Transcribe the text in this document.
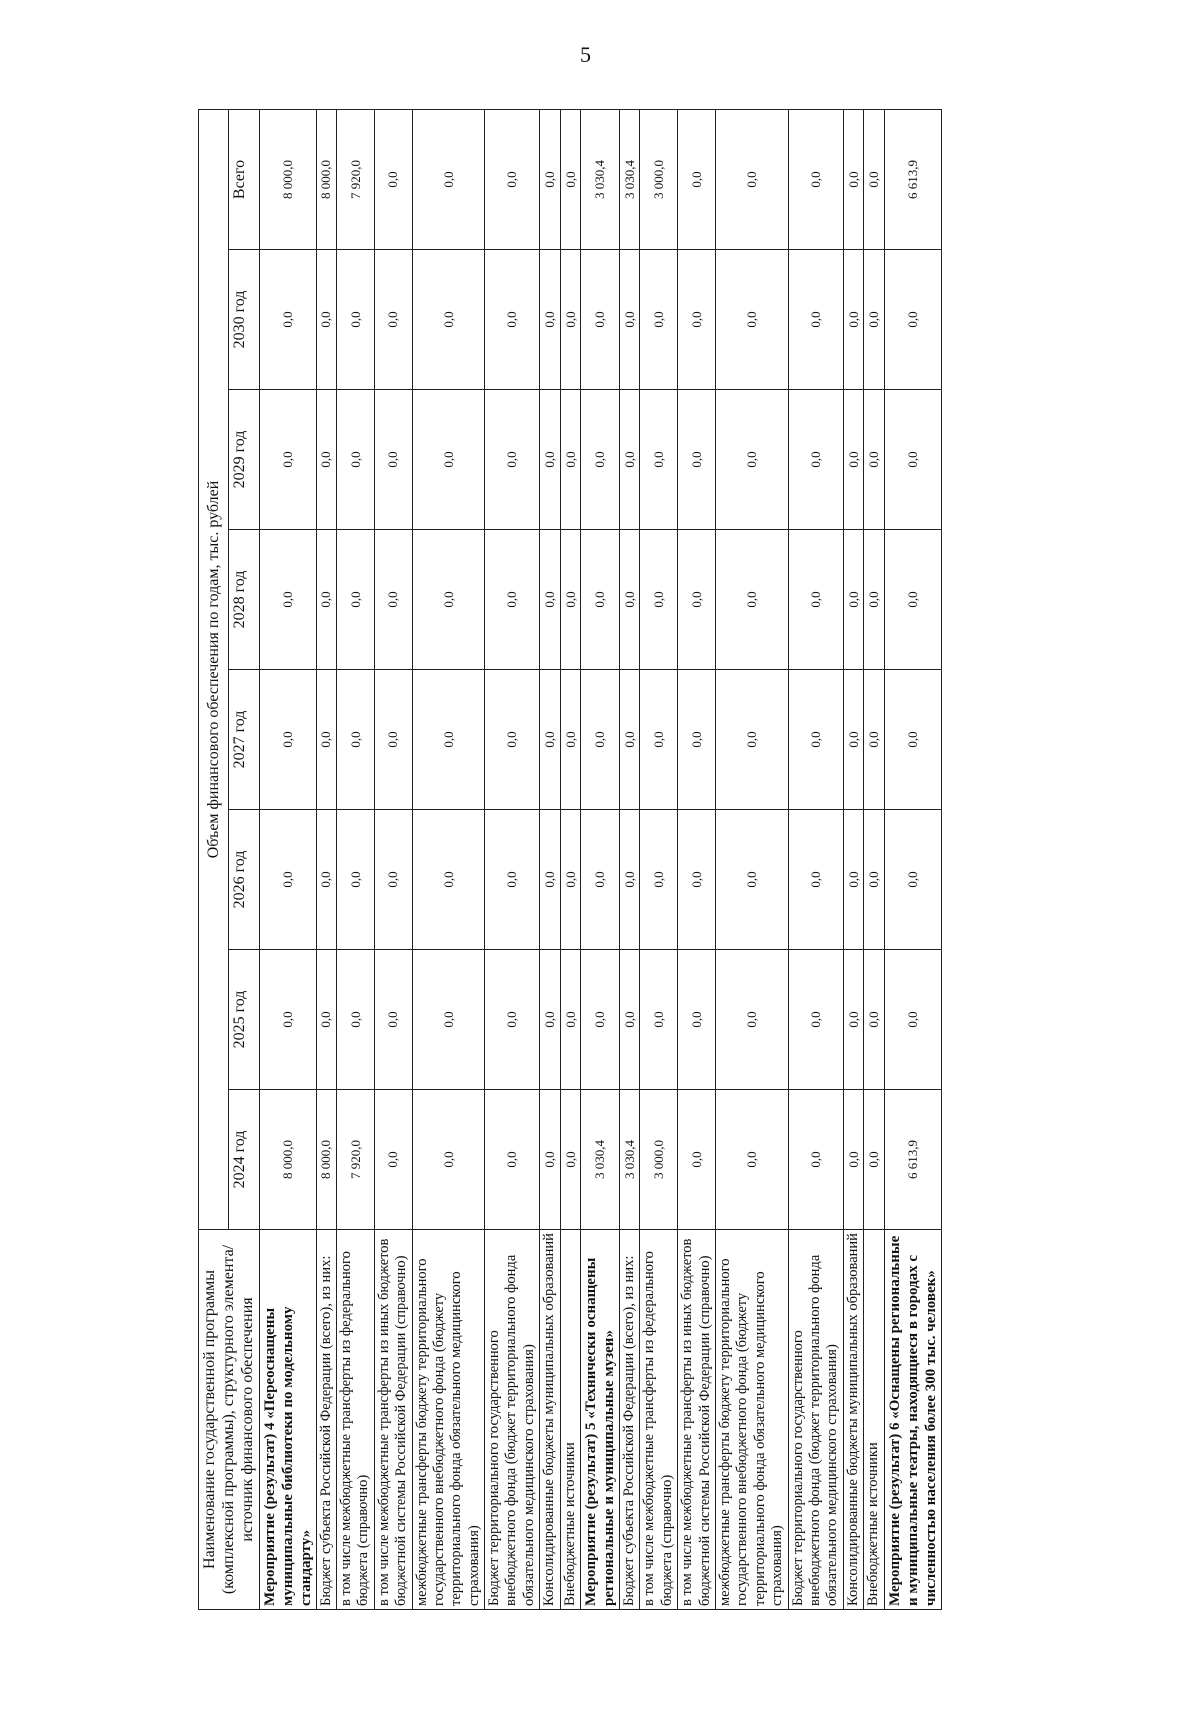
5
Наименование государственной программы (комплексной программы), структурного элемента/источник финансового обеспечения	Объем финансового обеспечения по годам, тыс. рублей							
	2024 год	2025 год	2026 год	2027 год	2028 год	2029 год	2030 год	Всего
Мероприятие (результат) 4 «Переоснащены муниципальные библиотеки по модельному стандарту»	8 000,0	0,0	0,0	0,0	0,0	0,0	0,0	8 000,0
Бюджет субъекта Российской Федерации (всего), из них:	8 000,0	0,0	0,0	0,0	0,0	0,0	0,0	8 000,0
в том числе межбюджетные трансферты из федерального бюджета (справочно)	7 920,0	0,0	0,0	0,0	0,0	0,0	0,0	7 920,0
в том числе межбюджетные трансферты из иных бюджетов бюджетной системы Российской Федерации (справочно)	0,0	0,0	0,0	0,0	0,0	0,0	0,0	0,0
межбюджетные трансферты бюджету территориального государственного внебюджетного фонда (бюджету территориального фонда обязательного медицинского страхования)	0,0	0,0	0,0	0,0	0,0	0,0	0,0	0,0
Бюджет территориального государственного внебюджетного фонда (бюджет территориального фонда обязательного медицинского страхования)	0,0	0,0	0,0	0,0	0,0	0,0	0,0	0,0
Консолидированные бюджеты муниципальных образований	0,0	0,0	0,0	0,0	0,0	0,0	0,0	0,0
Внебюджетные источники	0,0	0,0	0,0	0,0	0,0	0,0	0,0	0,0
Мероприятие (результат) 5 «Технически оснащены региональные и муниципальные музеи»	3 030,4	0,0	0,0	0,0	0,0	0,0	0,0	3 030,4
Бюджет субъекта Российской Федерации (всего), из них:	3 030,4	0,0	0,0	0,0	0,0	0,0	0,0	3 030,4
в том числе межбюджетные трансферты из федерального бюджета (справочно)	3 000,0	0,0	0,0	0,0	0,0	0,0	0,0	3 000,0
в том числе межбюджетные трансферты из иных бюджетов бюджетной системы Российской Федерации (справочно)	0,0	0,0	0,0	0,0	0,0	0,0	0,0	0,0
межбюджетные трансферты бюджету территориального государственного внебюджетного фонда (бюджету территориального фонда обязательного медицинского страхования)	0,0	0,0	0,0	0,0	0,0	0,0	0,0	0,0
Бюджет территориального государственного внебюджетного фонда (бюджет территориального фонда обязательного медицинского страхования)	0,0	0,0	0,0	0,0	0,0	0,0	0,0	0,0
Консолидированные бюджеты муниципальных образований	0,0	0,0	0,0	0,0	0,0	0,0	0,0	0,0
Внебюджетные источники	0,0	0,0	0,0	0,0	0,0	0,0	0,0	0,0
Мероприятие (результат) 6 «Оснащены региональные и муниципальные театры, находящиеся в городах с численностью населения более 300 тыс. человек»	6 613,9	0,0	0,0	0,0	0,0	0,0	0,0	6 613,9
